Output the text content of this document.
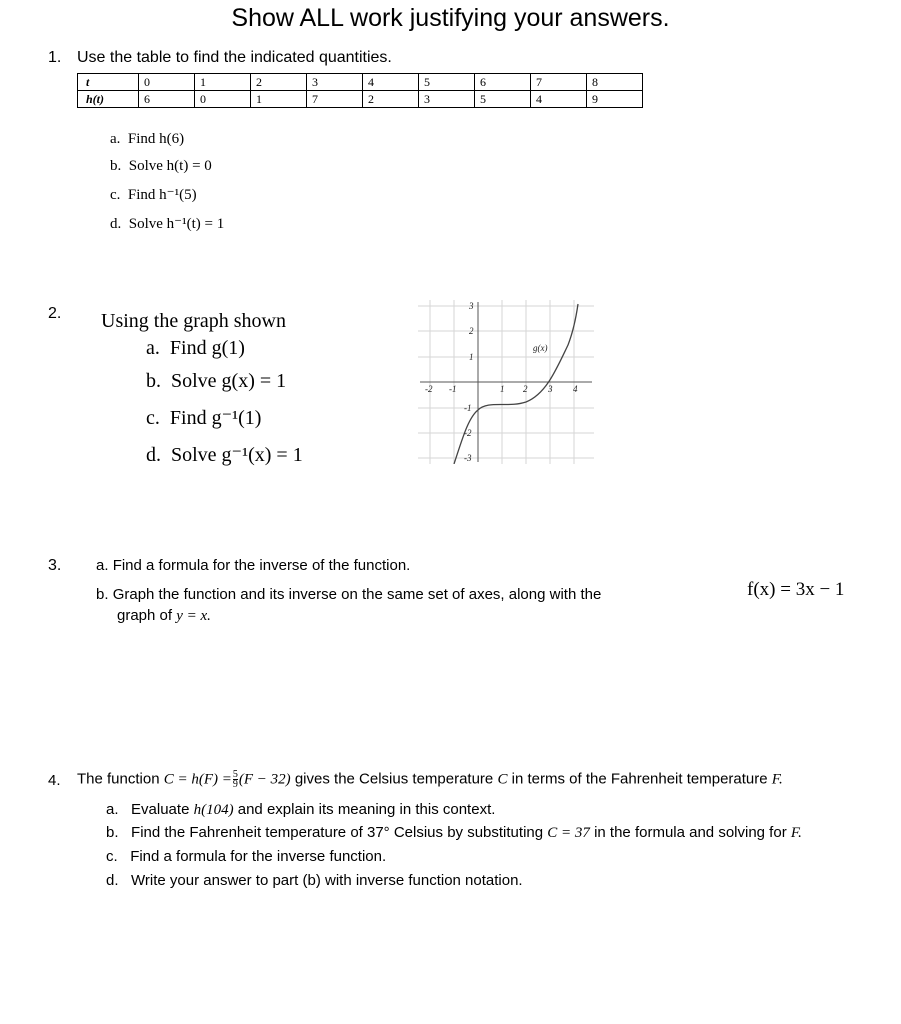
Show ALL work justifying your answers.
1. Use the table to find the indicated quantities.
t	0	1	2	3	4	5	6	7	8
h(t)	6	0	1	7	2	3	5	4	9
a. Find h(6)
b. Solve h(t) = 0
c. Find h⁻¹(5)
d. Solve h⁻¹(t) = 1
2. Using the graph shown
a. Find g(1)
b. Solve g(x) = 1
c. Find g⁻¹(1)
d. Solve g⁻¹(x) = 1
g(x)
-2 -1	1 2 3 4
3
2
1
-1
-2
-3
3. a. Find a formula for the inverse of the function.
b. Graph the function and its inverse on the same set of axes, along with the
graph of y = x.
f(x) = 3x − 1
4. The function $C = h(F) = \frac{5}{9} (F - 32)$ gives the Celsius temperature C in terms of the Fahrenheit temperature F.
a. Evaluate h(104) and explain its meaning in this context.
b. Find the Fahrenheit temperature of 37° Celsius by substituting C = 37 in the formula and solving for F.
c. Find a formula for the inverse function.
d. Write your answer to part (b) with inverse function notation.
